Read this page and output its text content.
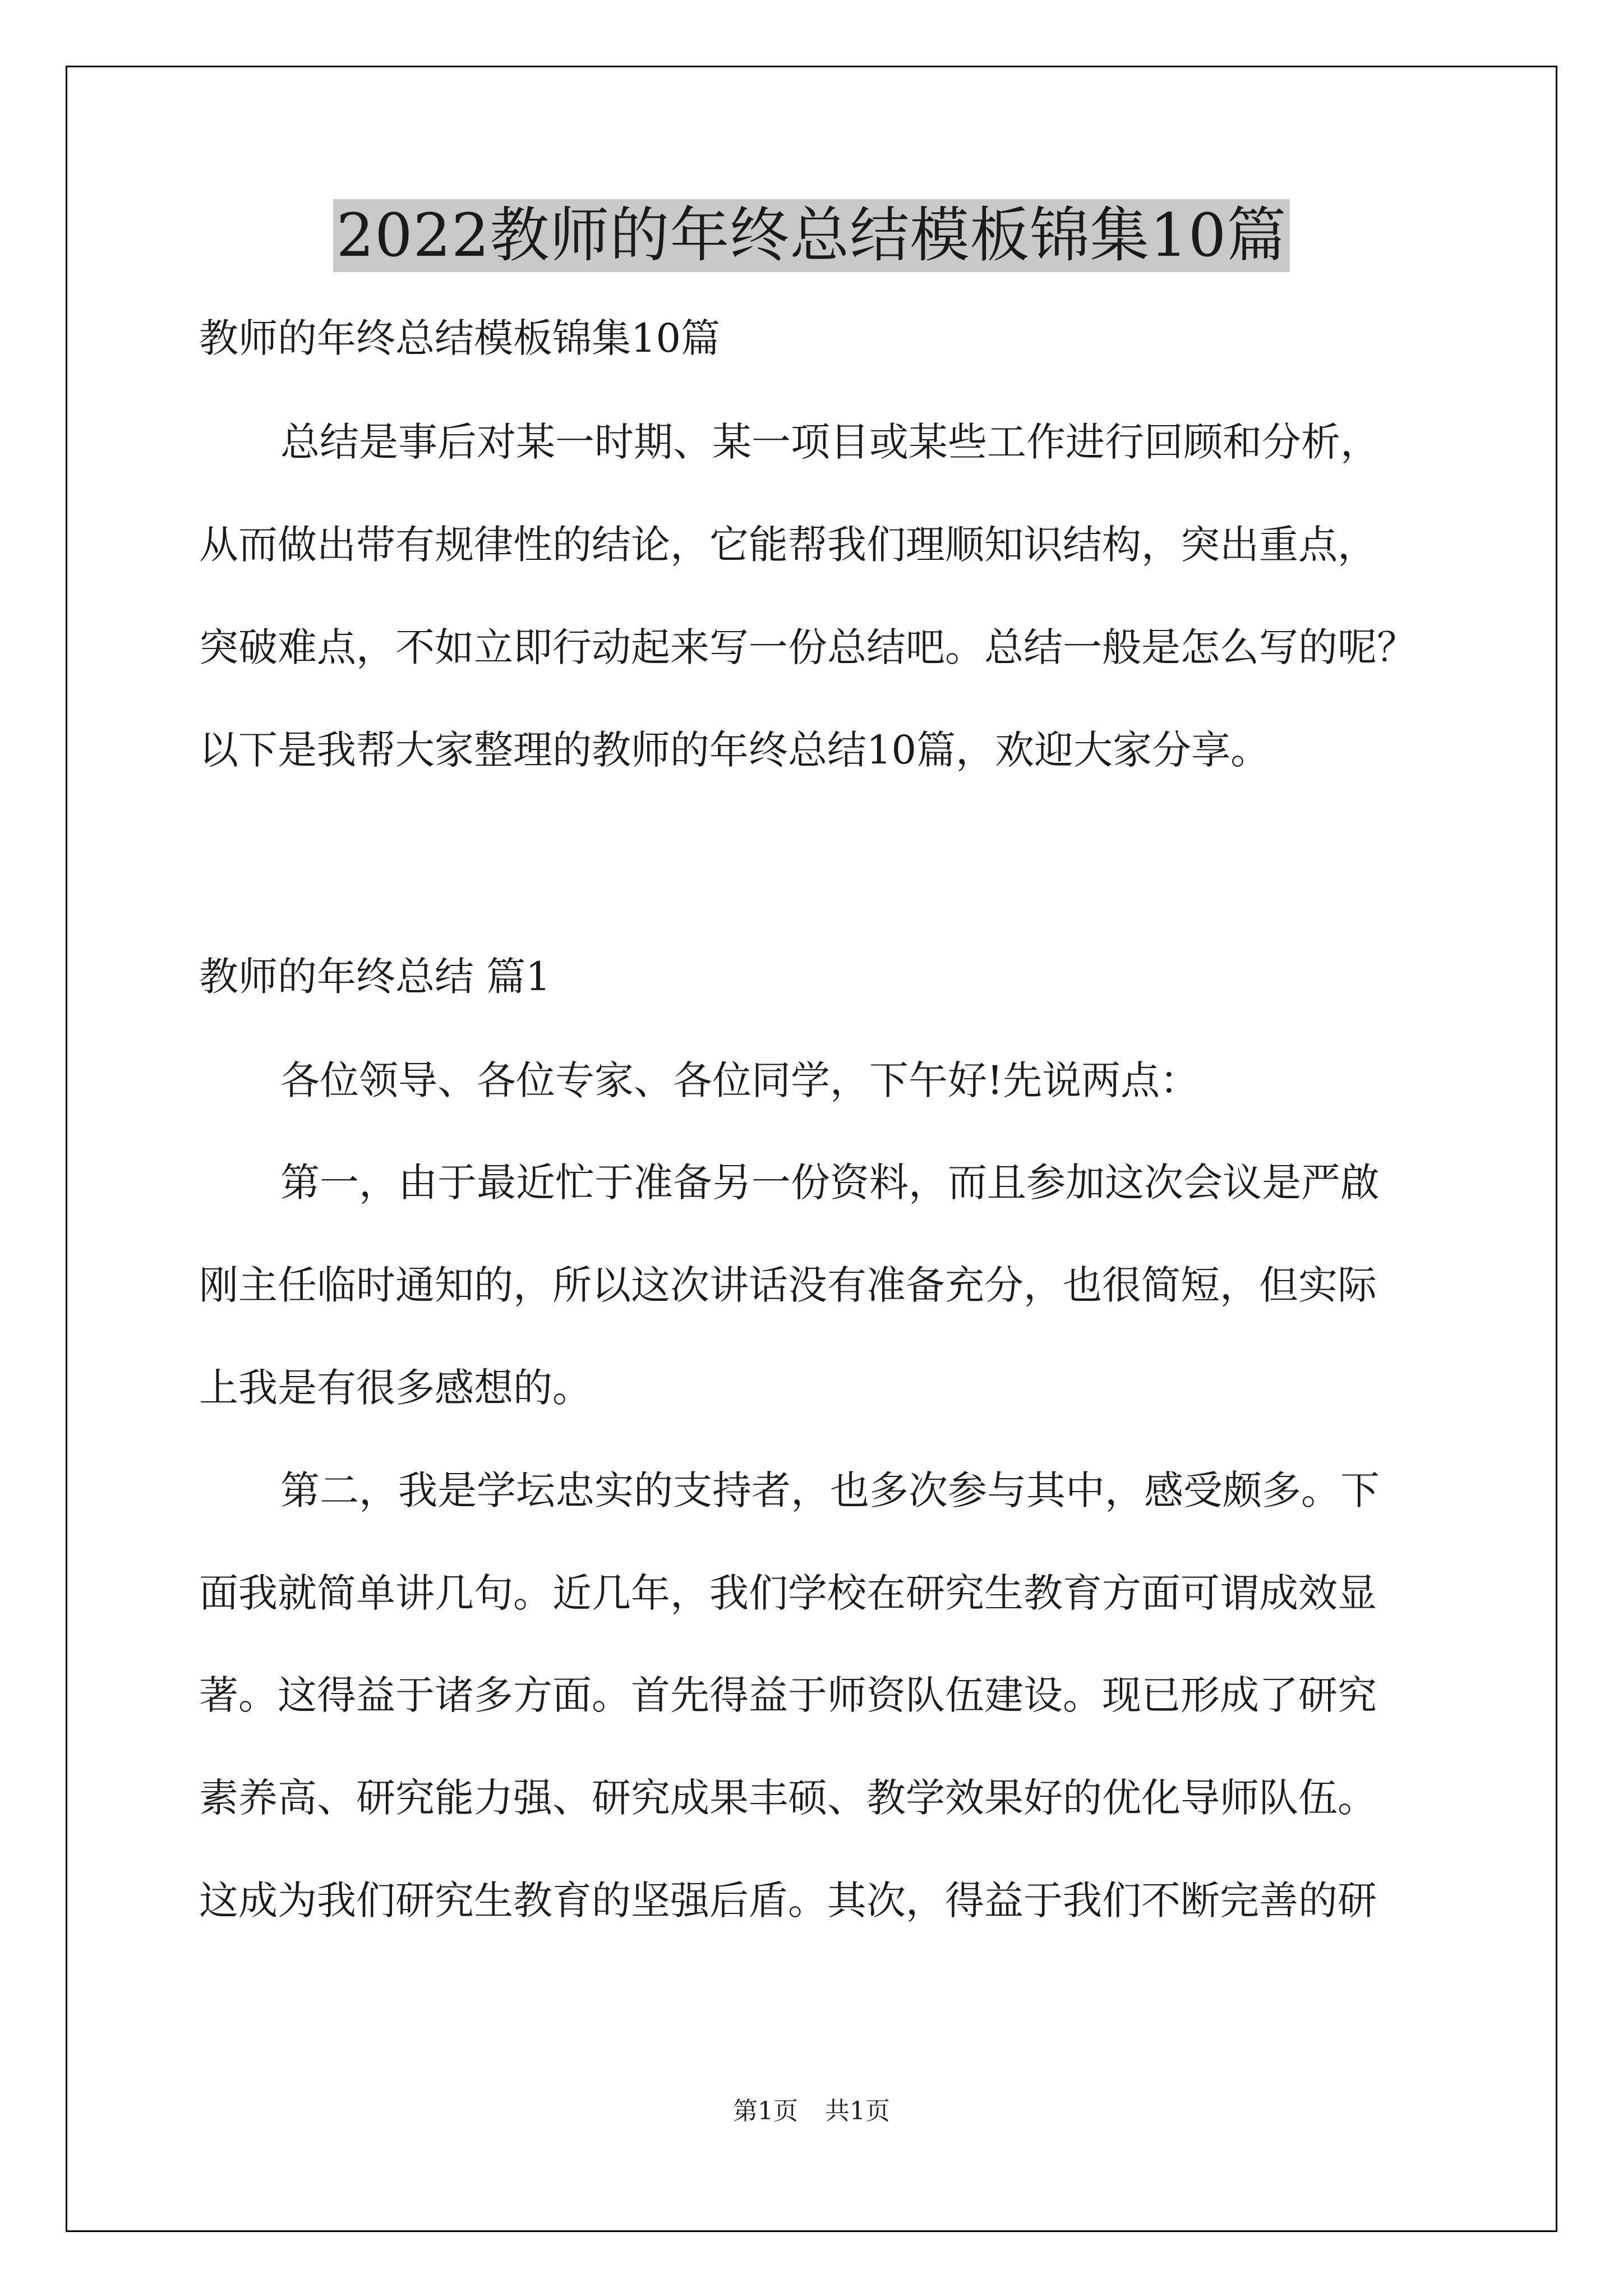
2022教师的年终总结模板锦集10篇
教师的年终总结模板锦集10篇
总结是事后对某一时期、某一项目或某些工作进行回顾和分析，
从而做出带有规律性的结论，它能帮我们理顺知识结构，突出重点，
突破难点，不如立即行动起来写一份总结吧。总结一般是怎么写的呢？
以下是我帮大家整理的教师的年终总结10篇，欢迎大家分享。
教师的年终总结 篇1
各位领导、各位专家、各位同学，下午好!先说两点：
第一，由于最近忙于准备另一份资料，而且参加这次会议是严啟
刚主任临时通知的，所以这次讲话没有准备充分，也很简短，但实际
上我是有很多感想的。
第二，我是学坛忠实的支持者，也多次参与其中，感受颇多。下
面我就简单讲几句。近几年，我们学校在研究生教育方面可谓成效显
著。这得益于诸多方面。首先得益于师资队伍建设。现已形成了研究
素养高、研究能力强、研究成果丰硕、教学效果好的优化导师队伍。
这成为我们研究生教育的坚强后盾。其次，得益于我们不断完善的研
第1页 共1页
